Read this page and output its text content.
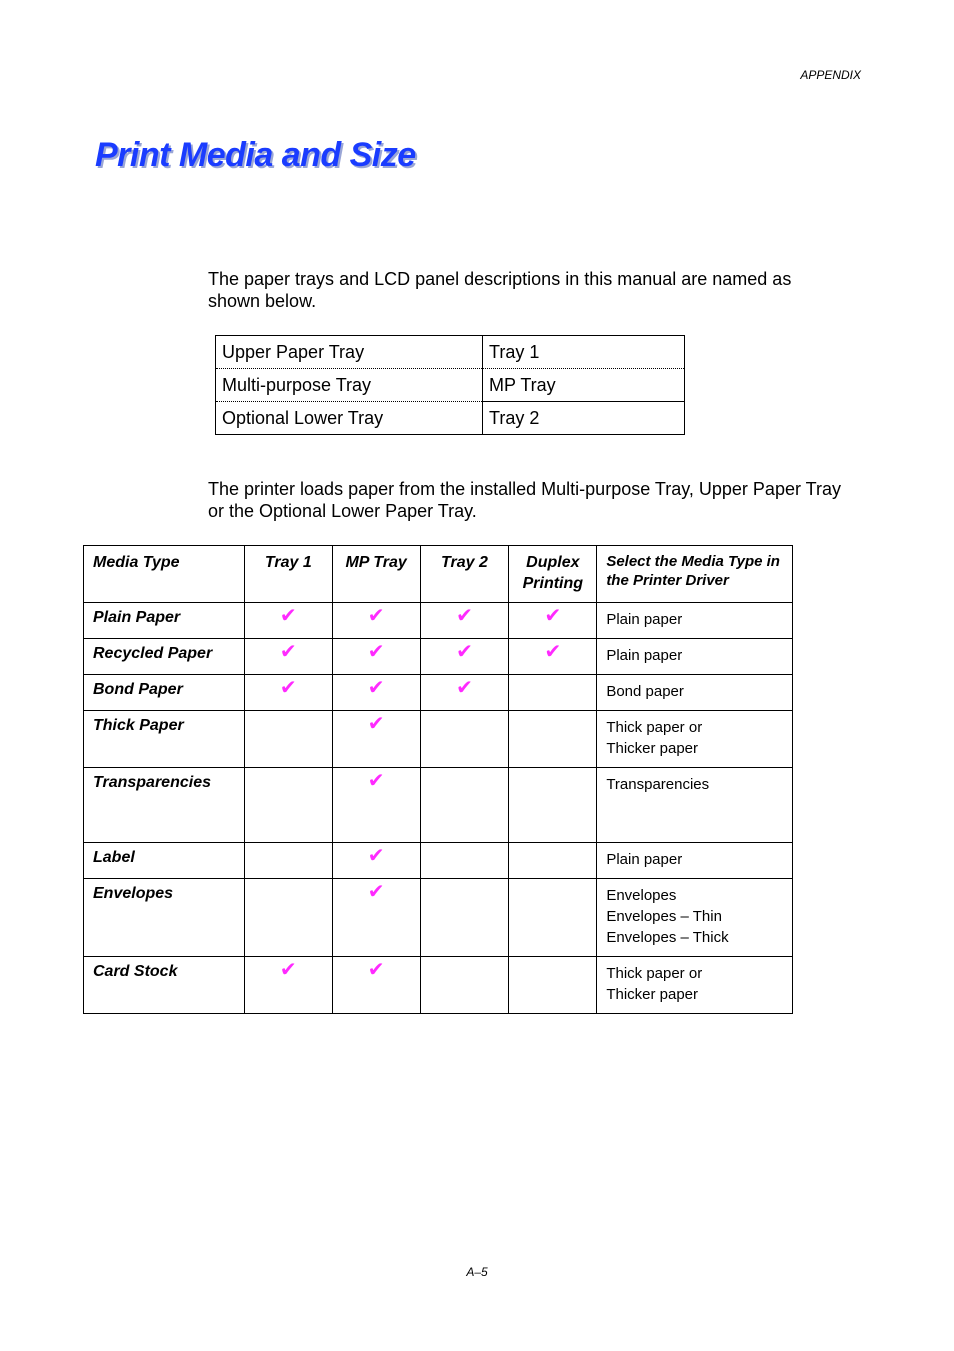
APPENDIX
Print Media and Size

The paper trays and LCD panel descriptions in this manual are named as shown below.

Upper Paper Tray	Tray 1
Multi-purpose Tray	MP Tray
Optional Lower Tray	Tray 2

The printer loads paper from the installed Multi-purpose Tray, Upper Paper Tray or the Optional Lower Paper Tray.

Media Type	Tray 1	MP Tray	Tray 2	Duplex Printing	Select the Media Type in the Printer Driver
Plain Paper	✔	✔	✔	✔	Plain paper

Recycled Paper	✔	✔	✔	✔	Plain paper

Bond Paper	✔	✔	✔		Bond paper

Thick Paper		✔			Thick paper or
Thicker paper

Transparencies		✔			Transparencies

Label		✔			Plain paper

Envelopes		✔			Envelopes
Envelopes – Thin
Envelopes – Thick

Card Stock	✔	✔			Thick paper or
Thicker paper
A–5
